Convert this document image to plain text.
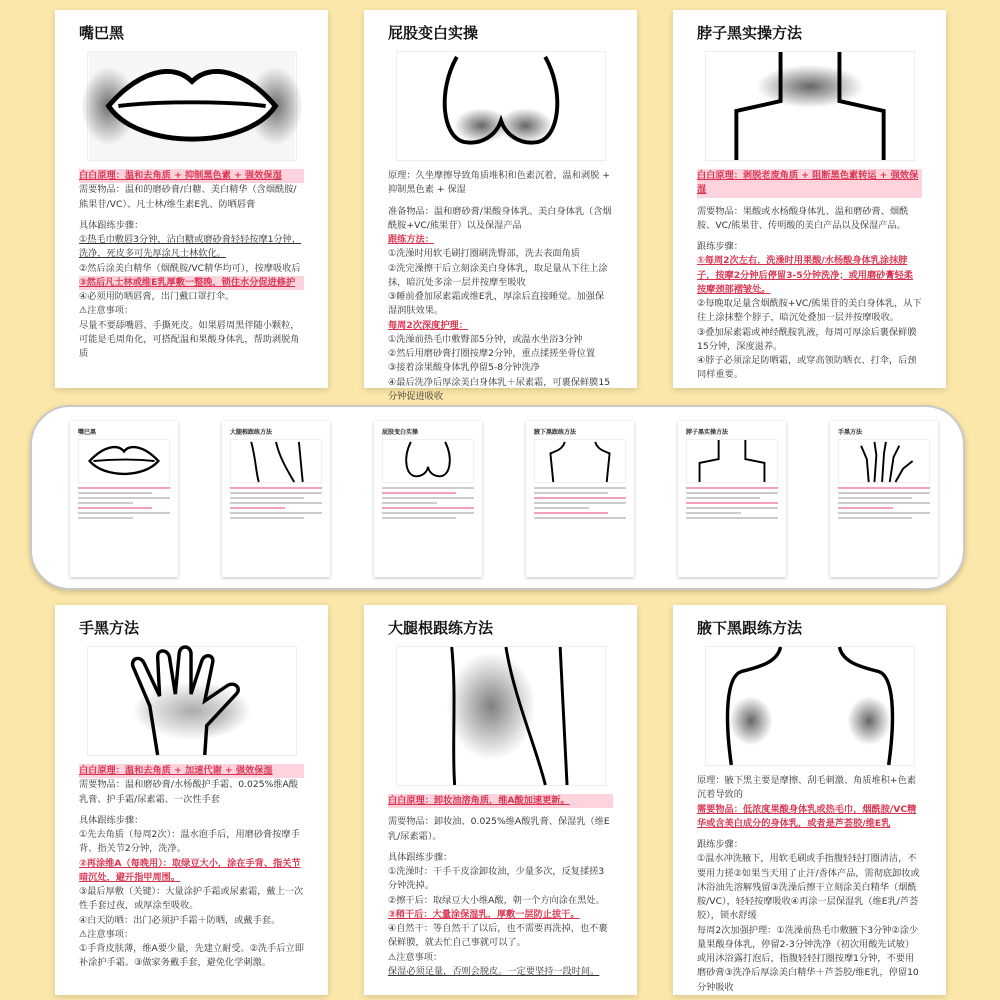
嘴巴黑

白白原理：温和去角质 + 抑制黑色素 + 强效保湿

需要物品：温和的磨砂膏/白糖、美白精华（含烟酰胺/熊果苷/VC）、凡士林/维生素E乳、防晒唇膏

具体跟练步骤：

①热毛巾敷唇3分钟，沾白糖或磨砂膏轻轻按摩1分钟，洗净，死皮多可先厚涂凡士林软化。

②然后涂美白精华（烟酰胺/VC精华均可），按摩吸收后

③然后凡士林或维E乳厚敷一整晚，锁住水分促进修护

④必须用防晒唇膏，出门戴口罩打伞。

⚠注意事项：

尽量不要舔嘴唇、手撕死皮。如果唇周黑伴随小颗粒，可能是毛周角化，可搭配温和果酸身体乳，帮助剥脱角质

屁股变白实操

原理：久坐摩擦导致角质堆积和色素沉着，温和剥脱 + 抑制黑色素 + 保湿

准备物品：温和磨砂膏/果酸身体乳、美白身体乳（含烟酰胺+VC/熊果苷）以及保湿产品

跟练方法：

①洗澡时用软毛刷打圈刷洗臀部，洗去表面角质

②洗完澡擦干后立刻涂美白身体乳，取足量从下往上涂抹，暗沉处多涂一层并按摩至吸收

③睡前叠加尿素霜或维E乳，厚涂后直接睡觉。加强保湿润肤效果。

每周2次深度护理：

①洗澡前热毛巾敷臀部5分钟，或温水坐浴3分钟

②然后用磨砂膏打圈按摩2分钟，重点揉搓坐骨位置

③接着涂果酸身体乳停留5-8分钟洗净

④最后洗净后厚涂美白身体乳＋尿素霜，可裹保鲜膜15分钟促进吸收

脖子黑实操方法

白白原理：剥脱老废角质 + 阻断黑色素转运 + 强效保湿

需要物品：果酸或水杨酸身体乳、温和磨砂膏、烟酰胺、VC/熊果苷、传明酸的美白产品以及保湿产品。

跟练步骤：

①每周2次左右，洗澡时用果酸/水杨酸身体乳涂抹脖子，按摩2分钟后停留3-5分钟洗净；或用磨砂膏轻柔按摩颈部褶皱处。

②每晚取足量含烟酰胺+VC/熊果苷的美白身体乳，从下往上涂抹整个脖子，暗沉处叠加一层并按摩吸收。

③叠加尿素霜或神经酰胺乳液，每周可厚涂后裹保鲜膜15分钟，深度滋养。

④脖子必须涂足防晒霜，或穿高领防晒衣、打伞，后颈同样重要。

嘴巴黑	大腿根跟练方法	屁股变白实操	腋下黑跟练方法	脖子黑实操方法	手黑方法
手黑方法

白白原理：温和去角质 + 加速代谢 + 强效保湿

需要物品：温和磨砂膏/水杨酸护手霜、0.025%维A酸乳膏、护手霜/尿素霜、一次性手套

具体跟练步骤：

①先去角质（每周2次）：温水泡手后，用磨砂膏按摩手背、指关节2分钟，洗净。

②再涂维A（每晚用）：取绿豆大小，涂在手背、指关节暗沉处，避开指甲周围。

③最后厚敷（关键）：大量涂护手霜或尿素霜，戴上一次性手套过夜，或厚涂至吸收。

④白天防晒：出门必须护手霜＋防晒，或戴手套。

⚠注意事项：

①手背皮肤薄，维A要少量，先建立耐受。②洗手后立即补涂护手霜。③做家务戴手套，避免化学刺激。

大腿根跟练方法

白白原理：卸妆油溶角质，维A酸加速更新。

需要物品：卸妆油、0.025%维A酸乳膏、保湿乳（维E乳/尿素霜）。

具体跟练步骤：

①洗澡时：干手干皮涂卸妆油，少量多次，反复揉搓3分钟洗掉。

②擦干后：取绿豆大小维A酸，朝一个方向涂在黑处。

③稍干后：大量涂保湿乳，厚敷一层防止拔干。

④自然干：等自然干了以后，也不需要再洗掉，也不裹保鲜膜，就去忙自己事就可以了。

⚠注意事项：

保湿必须足量，否则会脱皮。一定要坚持一段时间。

腋下黑跟练方法

原理：腋下黑主要是摩擦、刮毛刺激、角质堆积+色素沉着导致的

需要物品：低浓度果酸身体乳或热毛巾，烟酰胺/VC精华或含美白成分的身体乳，或者是芦荟胶/维E乳

跟练步骤：

①温水冲洗腋下，用软毛刷或手指腹轻轻打圈清洁，不要用力搓②如果当天用了止汗/香体产品，需彻底卸妆或沐浴油先溶解残留③洗澡后擦干立刻涂美白精华（烟酰胺/VC），轻轻按摩吸收④再涂一层保湿乳（维E乳/芦荟胶），锁水舒缓

每周2次加强护理：①洗澡前热毛巾敷腋下3分钟②涂少量果酸身体乳，停留2-3分钟洗净（初次用酸先试敏）或用沐浴露打泡后，指腹轻轻打圈按摩1分钟，不要用磨砂膏③洗净后厚涂美白精华＋芦荟胶/维E乳，停留10分钟吸收
